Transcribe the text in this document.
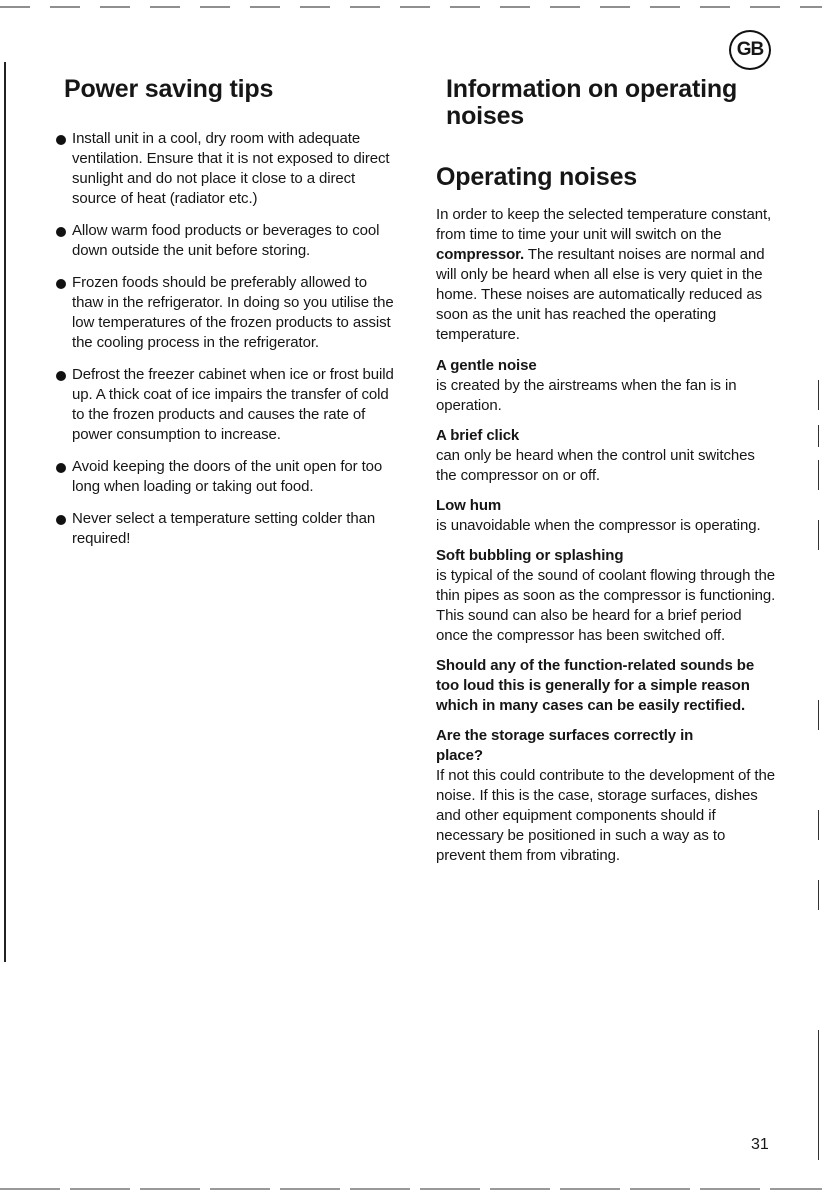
GB
Power saving tips
Install unit in a cool, dry room with adequate ventilation. Ensure that it is not exposed to direct sunlight and do not place it close to a direct source of heat (radiator etc.)
Allow warm food products or beverages to cool down outside the unit before storing.
Frozen foods should be preferably allowed to thaw in the refrigerator. In doing so you utilise the low temperatures of the frozen products to assist the cooling process in the refrigerator.
Defrost the freezer cabinet when ice or frost build up. A thick coat of ice impairs the transfer of cold to the frozen products and causes the rate of power consumption to increase.
Avoid keeping the doors of the unit open for too long when loading or taking out food.
Never select a temperature setting colder than required!
Information on operating noises
Operating noises

In order to keep the selected temperature constant, from time to time your unit will switch on the compressor. The resultant noises are normal and will only be heard when all else is very quiet in the home. These noises are automatically reduced as soon as the unit has reached the operating temperature.

A gentle noise

is created by the airstreams when the fan is in operation.

A brief click

can only be heard when the control unit switches the compressor on or off.

Low hum

is unavoidable when the compressor is operating.

Soft bubbling or splashing

is typical of the sound of coolant flowing through the thin pipes as soon as the compressor is functioning. This sound can also be heard for a brief period once the compressor has been switched off.

Should any of the function-related sounds be too loud this is generally for a simple reason which in many cases can be easily rectified.

Are the storage surfaces correctly in place?

If not this could contribute to the development of the noise. If this is the case, storage surfaces, dishes and other equipment components should if necessary be positioned in such a way as to prevent them from vibrating.

31
